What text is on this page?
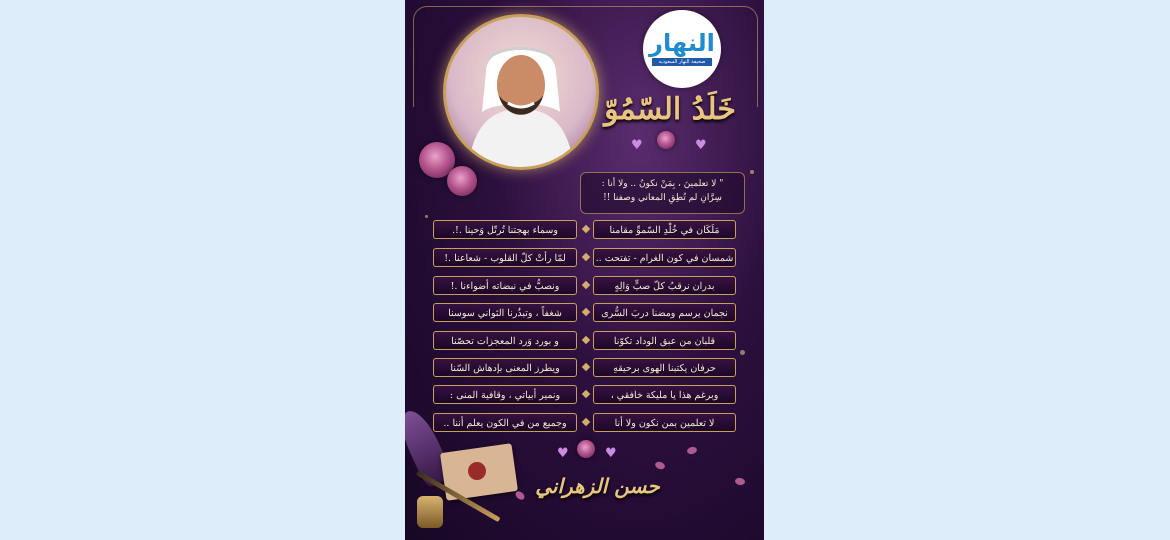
النهار
صحيفة النهار السعودية
خَلَدُ السّمُوّ
♥	♥
" لا تعلمينَ ، بِمَنْ نكونُ .. ولا أنا :
سِرَّانِ لم تُطِقِ المعاني وصفنا !!
مَلَكَان في خُلْدِ السّموِّ مقامنا
وسماء بهجتنا تُرتّل وَحينا .!.
شمسان في كون الغرام - تفتحت ..
لمّا رأتْ كلّ القلوب - شعاعنا .!
بدران نرقبُ كلّ صبٍّ وَالِهٍ
ونصبُّ في نبضاته أضواءنا .!
نجمان يرسم ومضنا دربَ السُّرى
شغفاً ، وتبذُرنا الثواني سوسنا
قلبان من عبق الوداد تكوّنا
و بورد وَرد المعجزات تحصّنا
حرفان يكتبنا الهوى برحيقهِ
ويطرز المعنى بإدهاش السّنا
وبرغم هذا يا مليكة خافقي ،
ونمير أبياتي ، وقافية المنى :
لا تعلمين بمن نكون ولا أنا
وجميع من في الكون يعلم أننا ..
♥	♥
حسن الزهراني
